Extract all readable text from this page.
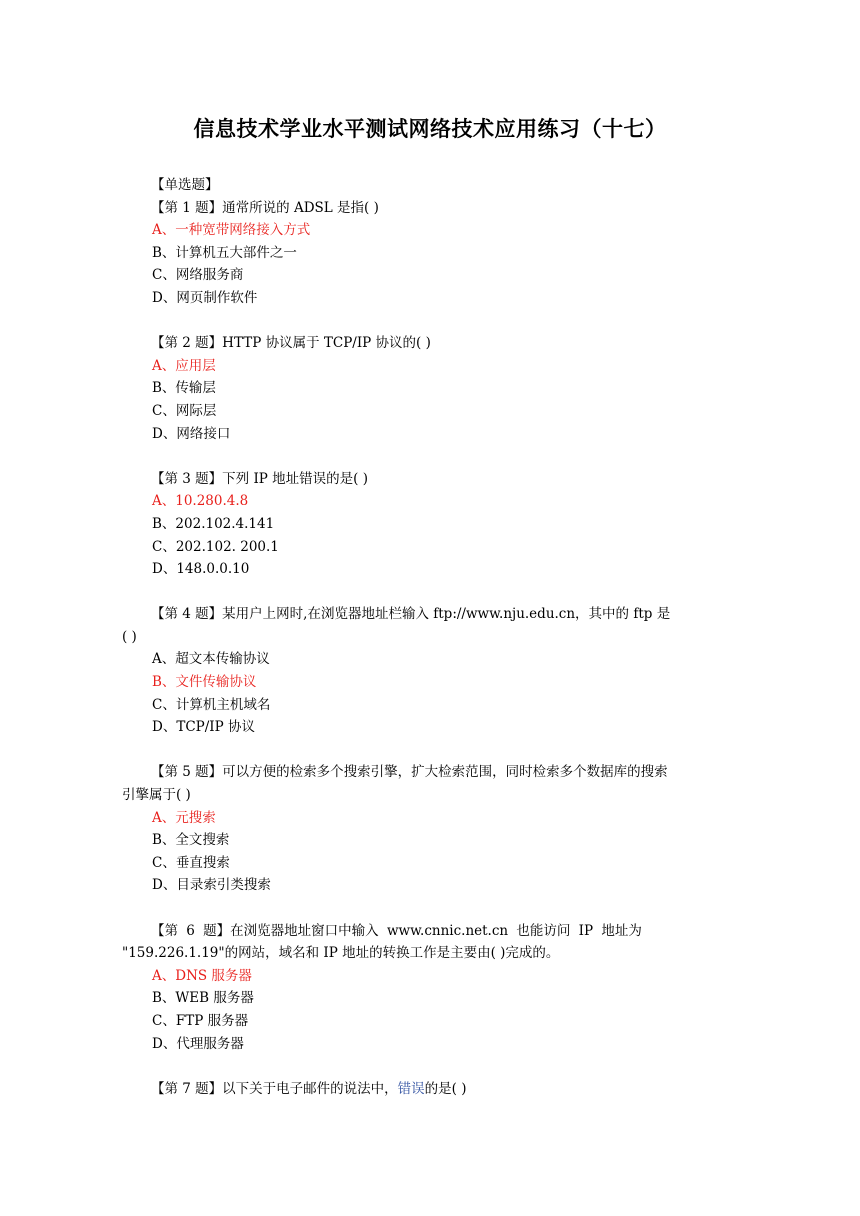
信息技术学业水平测试网络技术应用练习（十七）

【单选题】

【第 1 题】通常所说的 ADSL 是指( )

A、一种宽带网络接入方式

B、计算机五大部件之一

C、网络服务商

D、网页制作软件

【第 2 题】HTTP 协议属于 TCP/IP 协议的( )

A、应用层

B、传输层

C、网际层

D、网络接口

【第 3 题】下列 IP 地址错误的是( )

A、10.280.4.8

B、202.102.4.141

C、202.102. 200.1

D、148.0.0.10

【第 4 题】某用户上网时,在浏览器地址栏输入 ftp://www.nju.edu.cn，其中的 ftp 是

( )

A、超文本传输协议

B、文件传输协议

C、计算机主机域名

D、TCP/IP 协议

【第 5 题】可以方便的检索多个搜索引擎，扩大检索范围，同时检索多个数据库的搜索

引擎属于( )

A、元搜索

B、全文搜索

C、垂直搜索

D、目录索引类搜索

【第 6 题】在浏览器地址窗口中输入 www.cnnic.net.cn 也能访问 IP 地址为

"159.226.1.19"的网站，域名和 IP 地址的转换工作是主要由( )完成的。

A、DNS 服务器

B、WEB 服务器

C、FTP 服务器

D、代理服务器

【第 7 题】以下关于电子邮件的说法中，错误的是( )
